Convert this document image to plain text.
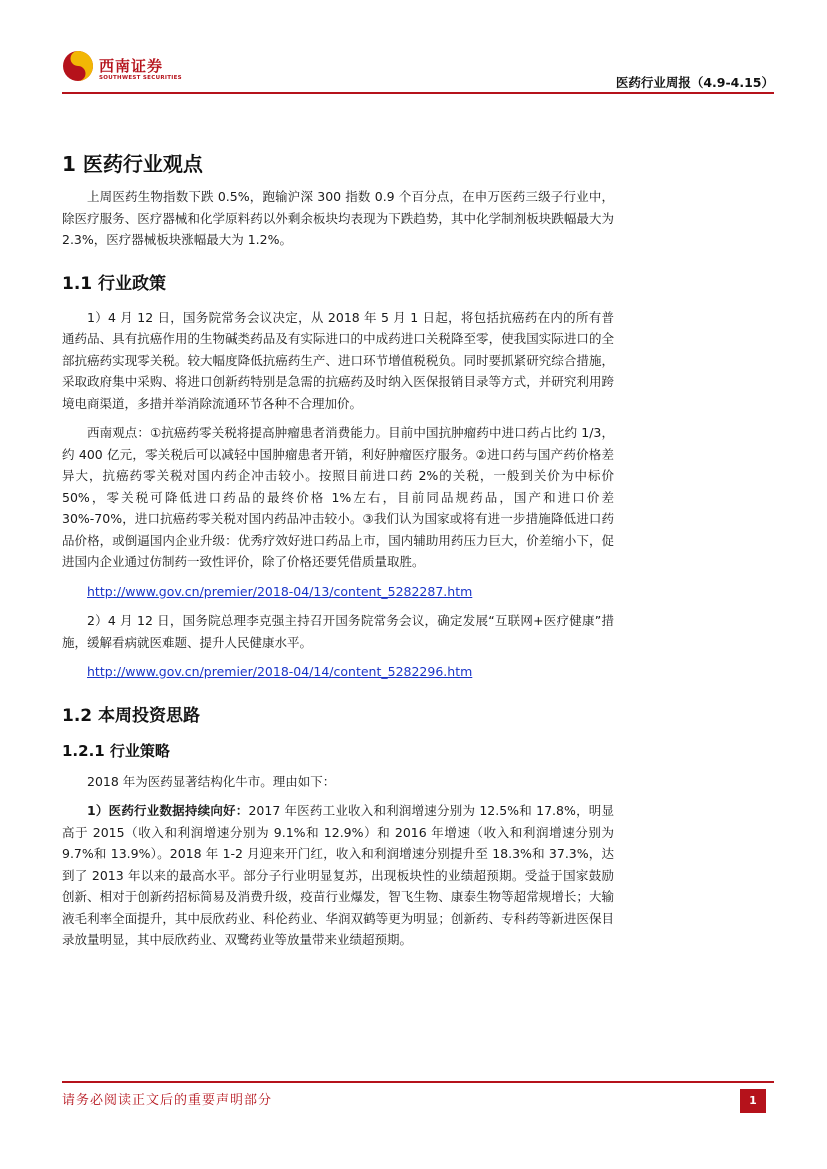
西南证券
SOUTHWEST SECURITIES	医药行业周报（4.9-4.15）
1 医药行业观点

上周医药生物指数下跌 0.5%，跑输沪深 300 指数 0.9 个百分点，在申万医药三级子行业中，除医疗服务、医疗器械和化学原料药以外剩余板块均表现为下跌趋势，其中化学制剂板块跌幅最大为 2.3%，医疗器械板块涨幅最大为 1.2%。

1.1 行业政策

1）4 月 12 日，国务院常务会议决定，从 2018 年 5 月 1 日起，将包括抗癌药在内的所有普通药品、具有抗癌作用的生物碱类药品及有实际进口的中成药进口关税降至零，使我国实际进口的全部抗癌药实现零关税。较大幅度降低抗癌药生产、进口环节增值税税负。同时要抓紧研究综合措施，采取政府集中采购、将进口创新药特别是急需的抗癌药及时纳入医保报销目录等方式，并研究利用跨境电商渠道，多措并举消除流通环节各种不合理加价。

西南观点：①抗癌药零关税将提高肿瘤患者消费能力。目前中国抗肿瘤药中进口药占比约 1/3，约 400 亿元，零关税后可以减轻中国肿瘤患者开销，利好肿瘤医疗服务。②进口药与国产药价格差异大，抗癌药零关税对国内药企冲击较小。按照目前进口药 2%的关税，一般到关价为中标价 50%，零关税可降低进口药品的最终价格 1%左右，目前同品规药品，国产和进口价差 30%-70%，进口抗癌药零关税对国内药品冲击较小。③我们认为国家或将有进一步措施降低进口药品价格，或倒逼国内企业升级：优秀疗效好进口药品上市，国内辅助用药压力巨大，价差缩小下，促进国内企业通过仿制药一致性评价，除了价格还要凭借质量取胜。

http://www.gov.cn/premier/2018-04/13/content_5282287.htm

2）4 月 12 日，国务院总理李克强主持召开国务院常务会议，确定发展“互联网+医疗健康”措施，缓解看病就医难题、提升人民健康水平。

http://www.gov.cn/premier/2018-04/14/content_5282296.htm
1.2 本周投资思路
1.2.1 行业策略

2018 年为医药显著结构化牛市。理由如下：

1）医药行业数据持续向好：2017 年医药工业收入和利润增速分别为 12.5%和 17.8%，明显高于 2015（收入和利润增速分别为 9.1%和 12.9%）和 2016 年增速（收入和利润增速分别为 9.7%和 13.9%）。2018 年 1-2 月迎来开门红，收入和利润增速分别提升至 18.3%和 37.3%，达到了 2013 年以来的最高水平。部分子行业明显复苏，出现板块性的业绩超预期。受益于国家鼓励创新、相对于创新药招标简易及消费升级，疫苗行业爆发，智飞生物、康泰生物等超常规增长；大输液毛利率全面提升，其中辰欣药业、科伦药业、华润双鹤等更为明显；创新药、专科药等新进医保目录放量明显，其中辰欣药业、双鹭药业等放量带来业绩超预期。

请务必阅读正文后的重要声明部分	1
